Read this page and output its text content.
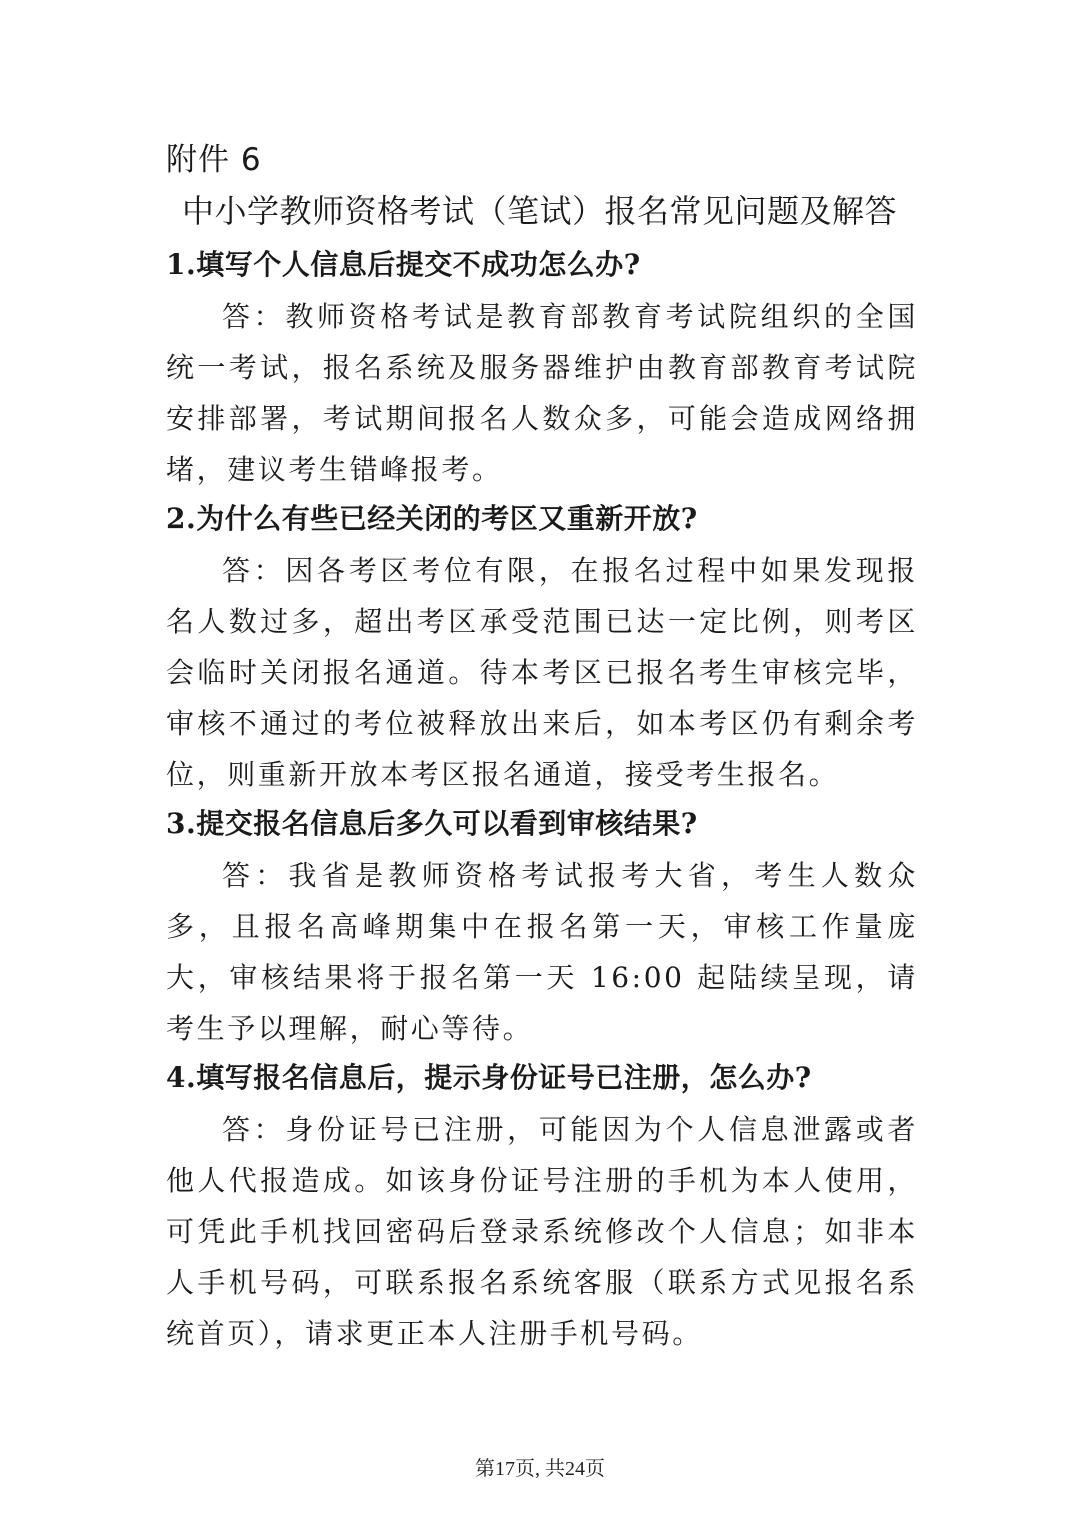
附件 6
中小学教师资格考试（笔试）报名常见问题及解答

1.填写个人信息后提交不成功怎么办?

答：教师资格考试是教育部教育考试院组织的全国统一考试，报名系统及服务器维护由教育部教育考试院安排部署，考试期间报名人数众多，可能会造成网络拥堵，建议考生错峰报考。

2.为什么有些已经关闭的考区又重新开放?

答：因各考区考位有限，在报名过程中如果发现报名人数过多，超出考区承受范围已达一定比例，则考区会临时关闭报名通道。待本考区已报名考生审核完毕，审核不通过的考位被释放出来后，如本考区仍有剩余考位，则重新开放本考区报名通道，接受考生报名。

3.提交报名信息后多久可以看到审核结果?

答：我省是教师资格考试报考大省，考生人数众多，且报名高峰期集中在报名第一天，审核工作量庞大，审核结果将于报名第一天 16:00 起陆续呈现，请考生予以理解，耐心等待。

4.填写报名信息后，提示身份证号已注册，怎么办?

答：身份证号已注册，可能因为个人信息泄露或者他人代报造成。如该身份证号注册的手机为本人使用，可凭此手机找回密码后登录系统修改个人信息；如非本人手机号码，可联系报名系统客服（联系方式见报名系统首页），请求更正本人注册手机号码。

第17页, 共24页
